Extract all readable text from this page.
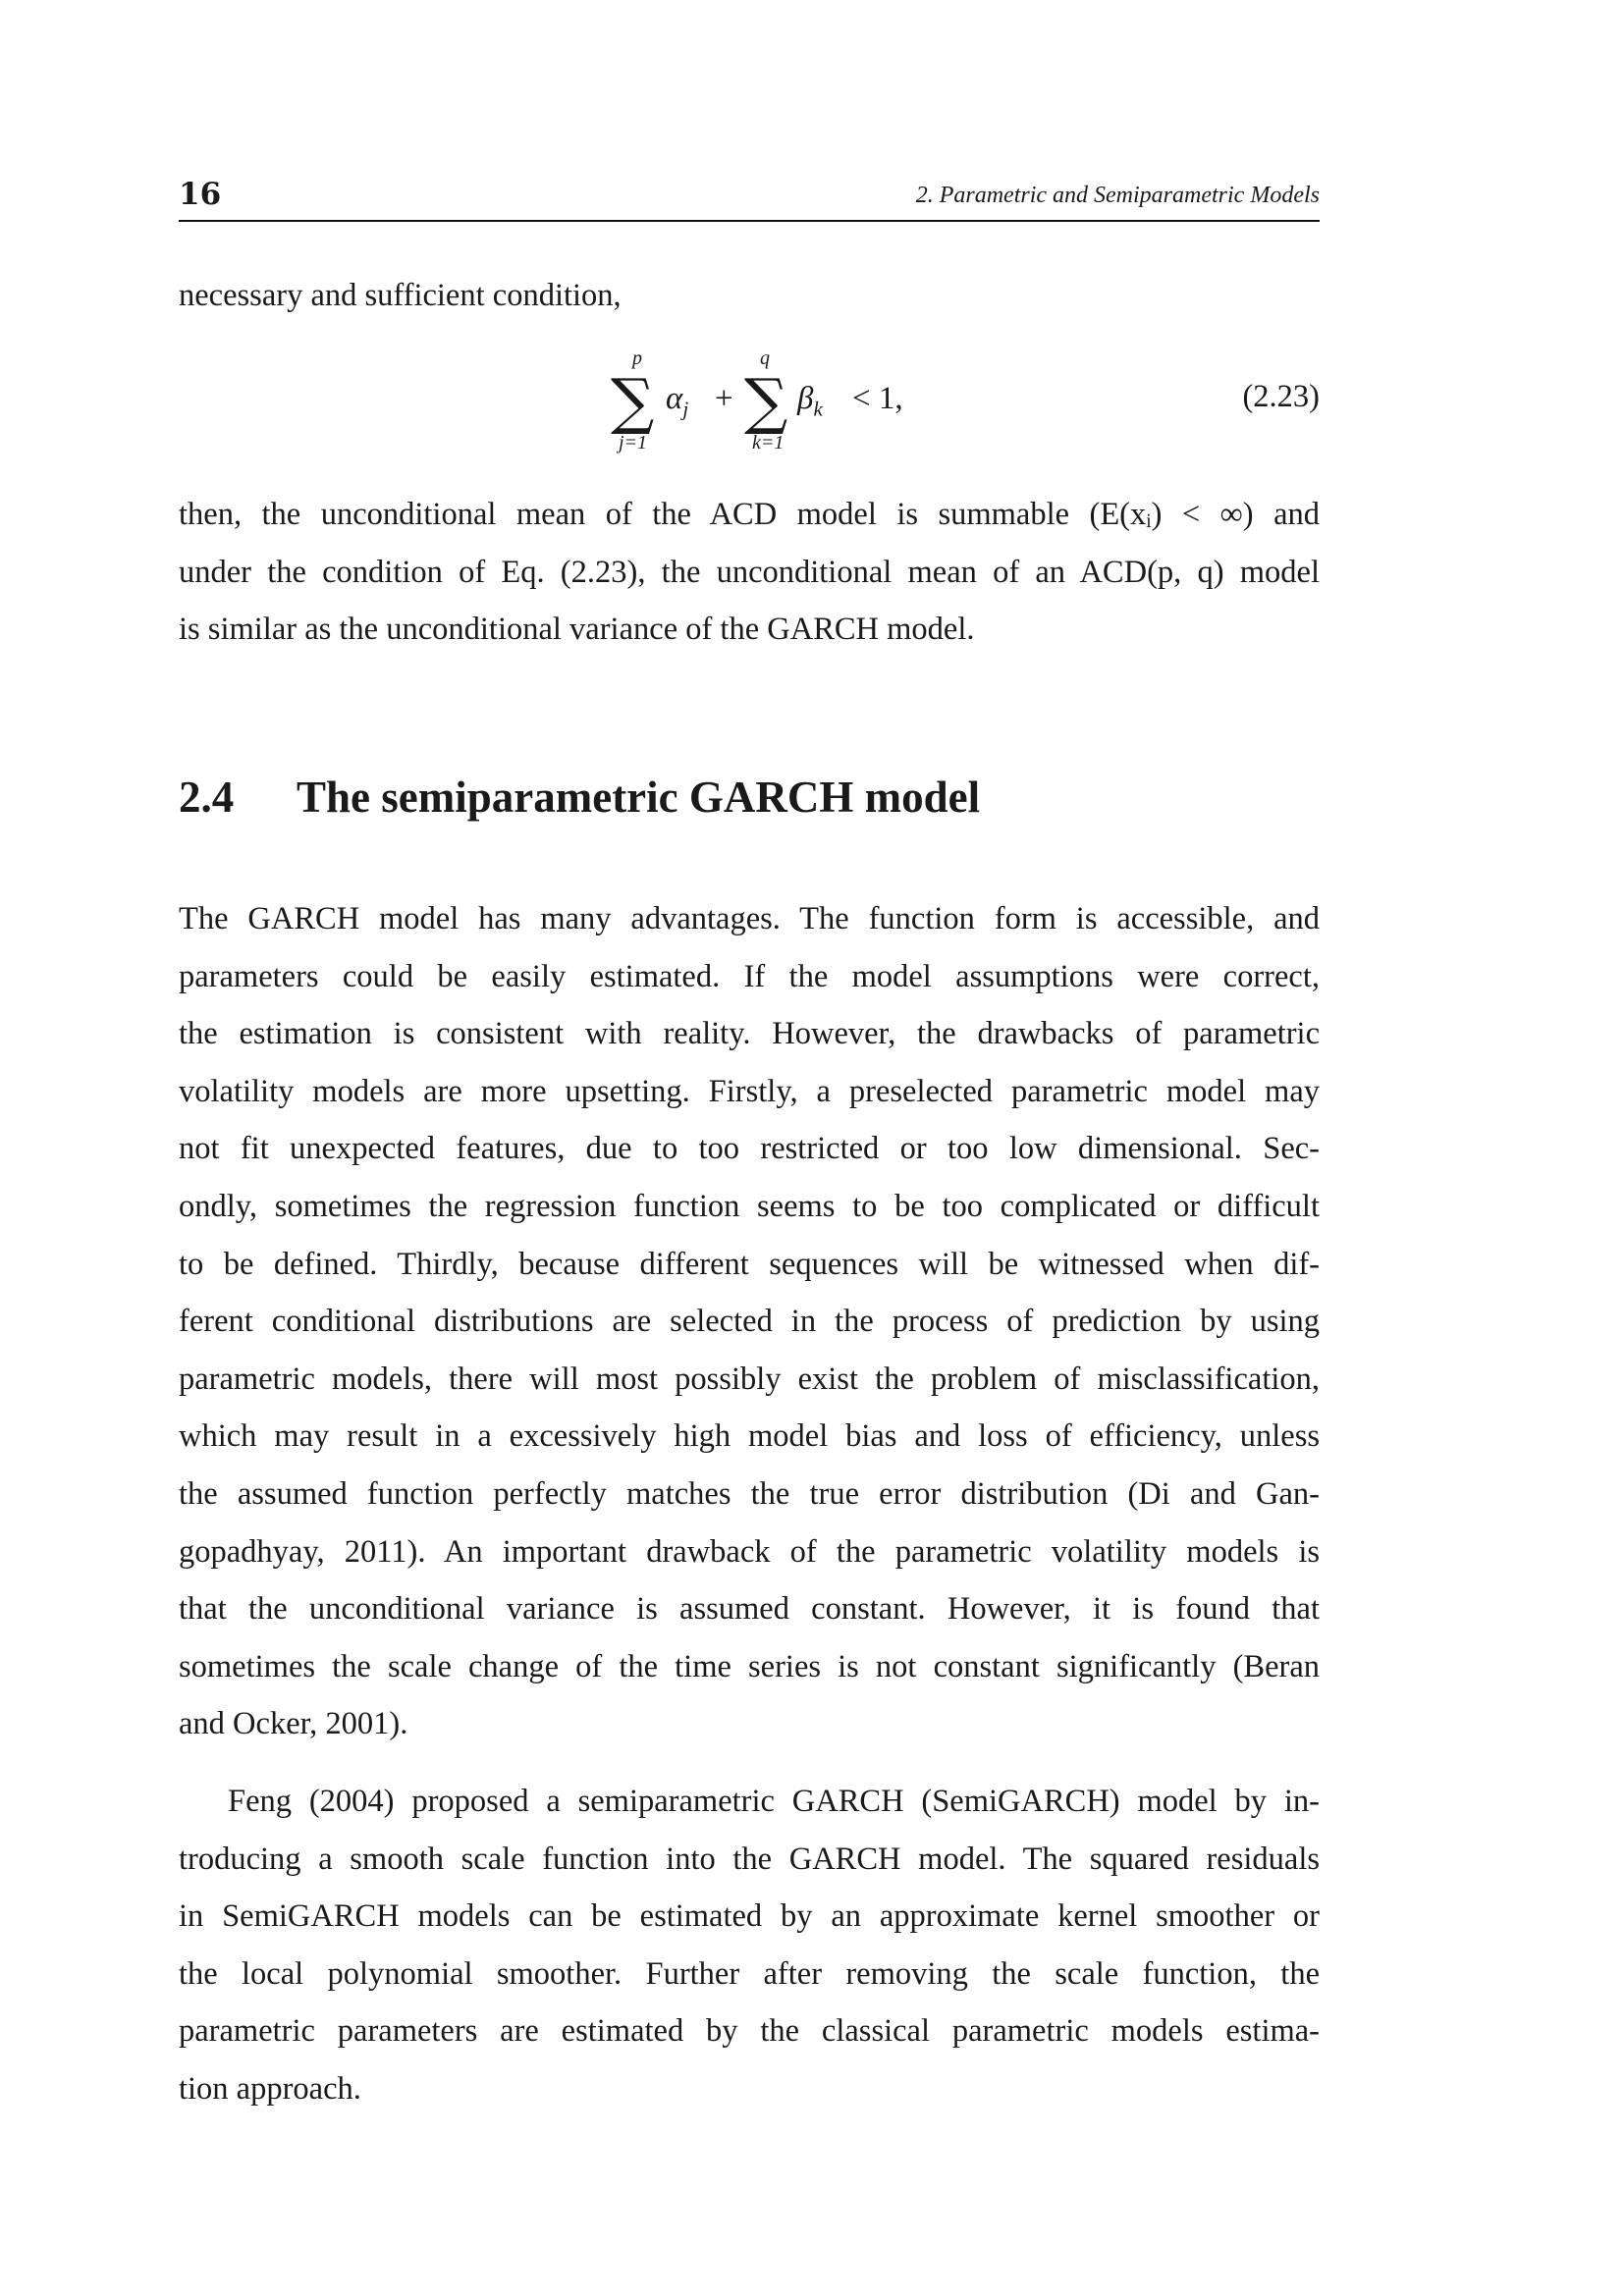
16	2. Parametric and Semiparametric Models

necessary and sufficient condition,

p
∑
j=1
$\alpha_j$ +
q
∑
k=1
$\beta_k < 1$,	(2.23)

then, the unconditional mean of the ACD model is summable (E(xᵢ) < ∞) and
under the condition of Eq. (2.23), the unconditional mean of an ACD(p, q) model
is similar as the unconditional variance of the GARCH model.

2.4 The semiparametric GARCH model

The GARCH model has many advantages. The function form is accessible, and
parameters could be easily estimated. If the model assumptions were correct,
the estimation is consistent with reality. However, the drawbacks of parametric
volatility models are more upsetting. Firstly, a preselected parametric model may
not fit unexpected features, due to too restricted or too low dimensional. Sec-
ondly, sometimes the regression function seems to be too complicated or difficult
to be defined. Thirdly, because different sequences will be witnessed when dif-
ferent conditional distributions are selected in the process of prediction by using
parametric models, there will most possibly exist the problem of misclassification,
which may result in a excessively high model bias and loss of efficiency, unless
the assumed function perfectly matches the true error distribution (Di and Gan-
gopadhyay, 2011). An important drawback of the parametric volatility models is
that the unconditional variance is assumed constant. However, it is found that
sometimes the scale change of the time series is not constant significantly (Beran
and Ocker, 2001).

Feng (2004) proposed a semiparametric GARCH (SemiGARCH) model by in-
troducing a smooth scale function into the GARCH model. The squared residuals
in SemiGARCH models can be estimated by an approximate kernel smoother or
the local polynomial smoother. Further after removing the scale function, the
parametric parameters are estimated by the classical parametric models estima-
tion approach.
